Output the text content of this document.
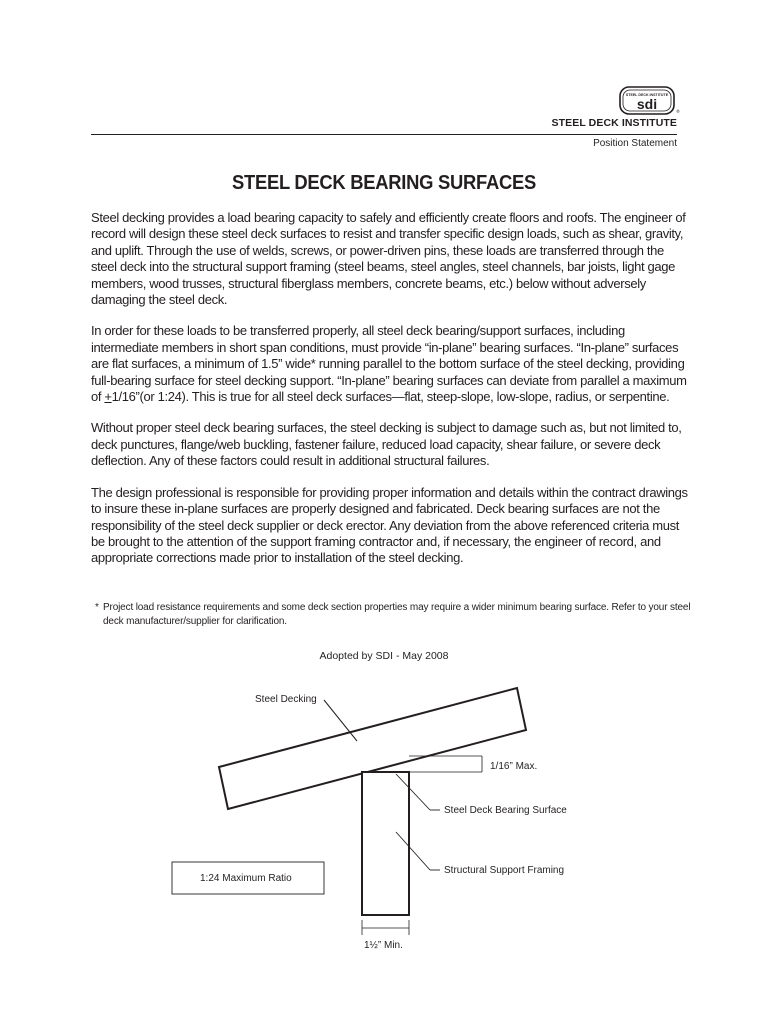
STEEL DECK INSTITUTE
sdi	®
STEEL DECK INSTITUTE
Position Statement
STEEL DECK BEARING SURFACES

Steel decking provides a load bearing capacity to safely and efficiently create floors and roofs. The engineer of record will design these steel deck surfaces to resist and transfer specific design loads, such as shear, gravity, and uplift. Through the use of welds, screws, or power-driven pins, these loads are transferred through the steel deck into the structural support framing (steel beams, steel angles, steel channels, bar joists, light gage members, wood trusses, structural fiberglass members, concrete beams, etc.) below without adversely damaging the steel deck.

In order for these loads to be transferred properly, all steel deck bearing/support surfaces, including intermediate members in short span conditions, must provide “in-plane” bearing surfaces. “In-plane” surfaces are flat surfaces, a minimum of 1.5” wide* running parallel to the bottom surface of the steel decking, providing full-bearing surface for steel decking support. “In-plane” bearing surfaces can deviate from parallel a maximum of +1/16”(or 1:24). This is true for all steel deck surfaces—flat, steep-slope, low-slope, radius, or serpentine.

Without proper steel deck bearing surfaces, the steel decking is subject to damage such as, but not limited to, deck punctures, flange/web buckling, fastener failure, reduced load capacity, shear failure, or severe deck deflection. Any of these factors could result in additional structural failures.

The design professional is responsible for providing proper information and details within the contract drawings to insure these in-plane surfaces are properly designed and fabricated. Deck bearing surfaces are not the responsibility of the steel deck supplier or deck erector. Any deviation from the above referenced criteria must be brought to the attention of the support framing contractor and, if necessary, the engineer of record, and appropriate corrections made prior to installation of the steel decking.

* Project load resistance requirements and some deck section properties may require a wider minimum bearing surface. Refer to your steel deck manufacturer/supplier for clarification.
Adopted by SDI - May 2008
Steel Decking
1/16” Max.
Steel Deck Bearing Surface
Structural Support Framing
1:24 Maximum Ratio
1½” Min.
